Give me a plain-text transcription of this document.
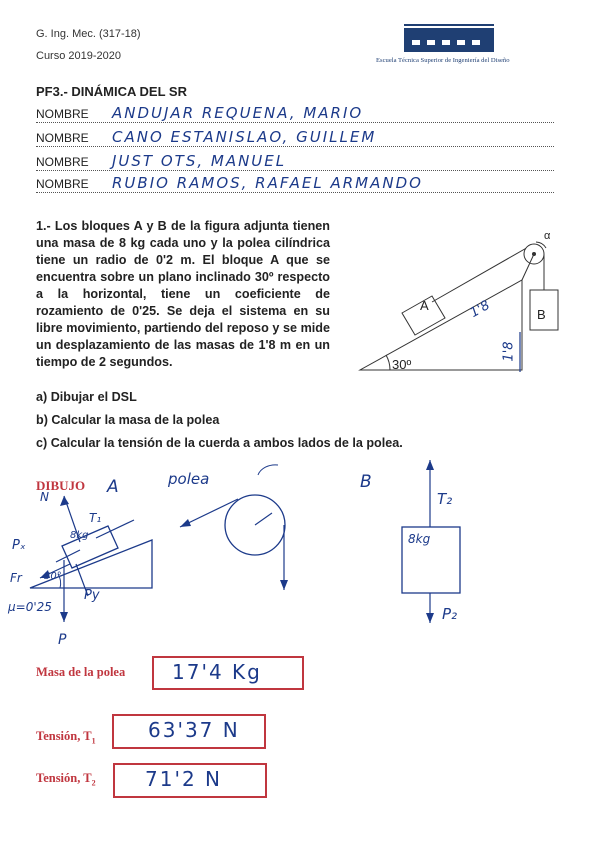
G. Ing. Mec. (317-18)
Curso 2019-2020	Escuela Técnica Superior de Ingeniería del Diseño
PF3.- DINÁMICA DEL SR
NOMBRE ANDUJAR REQUENA, MARIO
NOMBRE CANO ESTANISLAO, GUILLEM
NOMBRE JUST OTS, MANUEL
NOMBRE RUBIO RAMOS, RAFAEL ARMANDO
1.- Los bloques A y B de la figura adjunta tienen una masa de 8 kg cada uno y la polea cilíndrica tiene un radio de 0'2 m. El bloque A que se encuentra sobre un plano inclinado 30º respecto a la horizontal, tiene un coeficiente de rozamiento de 0'25. Se deja el sistema en su libre movimiento, partiendo del reposo y se mide un desplazamiento de las masas de 1'8 m en un tiempo de 2 segundos.
A
B
30º
α
1'8
1'8
a) Dibujar el DSL
b) Calcular la masa de la polea
c) Calcular la tensión de la cuerda a ambos lados de la polea.
DIBUJO A	polea	B
N
T₁
Pₓ
8kg
Fr 30°
Py
μ=0'25
P
T₂
8kg
P₂
Masa de la polea 17'4 Kg
Tensión, $T_1$	63'37 N
Tensión, $T_2$ 71'2 N
